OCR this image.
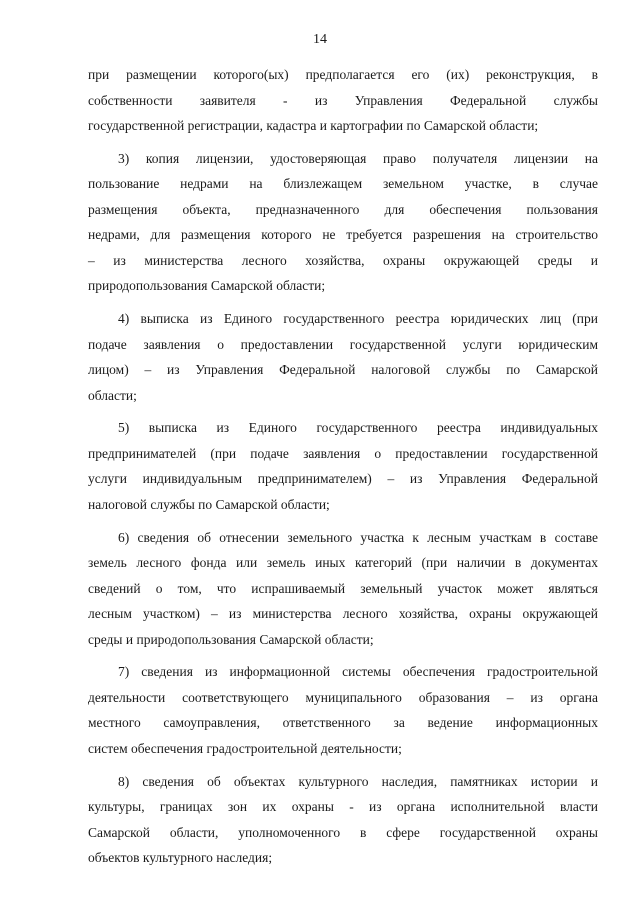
14
при размещении которого(ых) предполагается его (их) реконструкция, в
собственности заявителя - из Управления Федеральной службы
государственной регистрации, кадастра и картографии по Самарской области;
3) копия лицензии, удостоверяющая право получателя лицензии на
пользование недрами на близлежащем земельном участке, в случае
размещения объекта, предназначенного для обеспечения пользования
недрами, для размещения которого не требуется разрешения на строительство
– из министерства лесного хозяйства, охраны окружающей среды и
природопользования Самарской области;
4) выписка из Единого государственного реестра юридических лиц (при
подаче заявления о предоставлении государственной услуги юридическим
лицом) – из Управления Федеральной налоговой службы по Самарской
области;
5) выписка из Единого государственного реестра индивидуальных
предпринимателей (при подаче заявления о предоставлении государственной
услуги индивидуальным предпринимателем) – из Управления Федеральной
налоговой службы по Самарской области;
6) сведения об отнесении земельного участка к лесным участкам в составе
земель лесного фонда или земель иных категорий (при наличии в документах
сведений о том, что испрашиваемый земельный участок может являться
лесным участком) – из министерства лесного хозяйства, охраны окружающей
среды и природопользования Самарской области;
7) сведения из информационной системы обеспечения градостроительной
деятельности соответствующего муниципального образования – из органа
местного самоуправления, ответственного за ведение информационных
систем обеспечения градостроительной деятельности;
8) сведения об объектах культурного наследия, памятниках истории и
культуры, границах зон их охраны - из органа исполнительной власти
Самарской области, уполномоченного в сфере государственной охраны
объектов культурного наследия;
